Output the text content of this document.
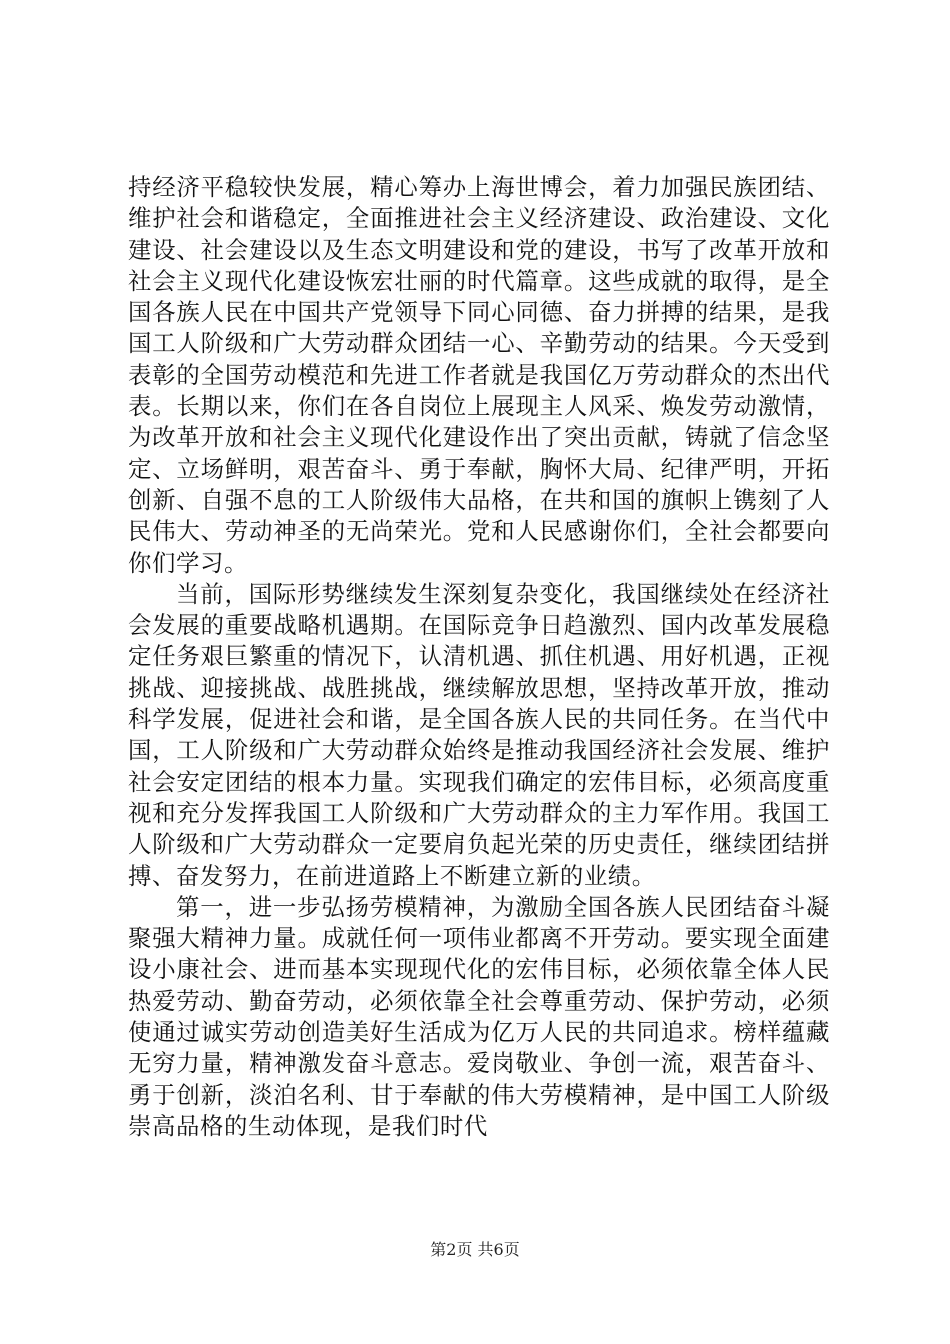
持经济平稳较快发展，精心筹办上海世博会，着力加强民族团结、维护社会和谐稳定，全面推进社会主义经济建设、政治建设、文化建设、社会建设以及生态文明建设和党的建设，书写了改革开放和社会主义现代化建设恢宏壮丽的时代篇章。这些成就的取得，是全国各族人民在中国共产党领导下同心同德、奋力拼搏的结果，是我国工人阶级和广大劳动群众团结一心、辛勤劳动的结果。今天受到表彰的全国劳动模范和先进工作者就是我国亿万劳动群众的杰出代表。长期以来，你们在各自岗位上展现主人风采、焕发劳动激情，为改革开放和社会主义现代化建设作出了突出贡献，铸就了信念坚定、立场鲜明，艰苦奋斗、勇于奉献，胸怀大局、纪律严明，开拓创新、自强不息的工人阶级伟大品格，在共和国的旗帜上镌刻了人民伟大、劳动神圣的无尚荣光。党和人民感谢你们，全社会都要向你们学习。

当前，国际形势继续发生深刻复杂变化，我国继续处在经济社会发展的重要战略机遇期。在国际竞争日趋激烈、国内改革发展稳定任务艰巨繁重的情况下，认清机遇、抓住机遇、用好机遇，正视挑战、迎接挑战、战胜挑战，继续解放思想，坚持改革开放，推动科学发展，促进社会和谐，是全国各族人民的共同任务。在当代中国，工人阶级和广大劳动群众始终是推动我国经济社会发展、维护社会安定团结的根本力量。实现我们确定的宏伟目标，必须高度重视和充分发挥我国工人阶级和广大劳动群众的主力军作用。我国工人阶级和广大劳动群众一定要肩负起光荣的历史责任，继续团结拼搏、奋发努力，在前进道路上不断建立新的业绩。

第一，进一步弘扬劳模精神，为激励全国各族人民团结奋斗凝聚强大精神力量。成就任何一项伟业都离不开劳动。要实现全面建设小康社会、进而基本实现现代化的宏伟目标，必须依靠全体人民热爱劳动、勤奋劳动，必须依靠全社会尊重劳动、保护劳动，必须使通过诚实劳动创造美好生活成为亿万人民的共同追求。榜样蕴藏无穷力量，精神激发奋斗意志。爱岗敬业、争创一流，艰苦奋斗、勇于创新，淡泊名利、甘于奉献的伟大劳模精神，是中国工人阶级崇高品格的生动体现，是我们时代

第2页 共6页
